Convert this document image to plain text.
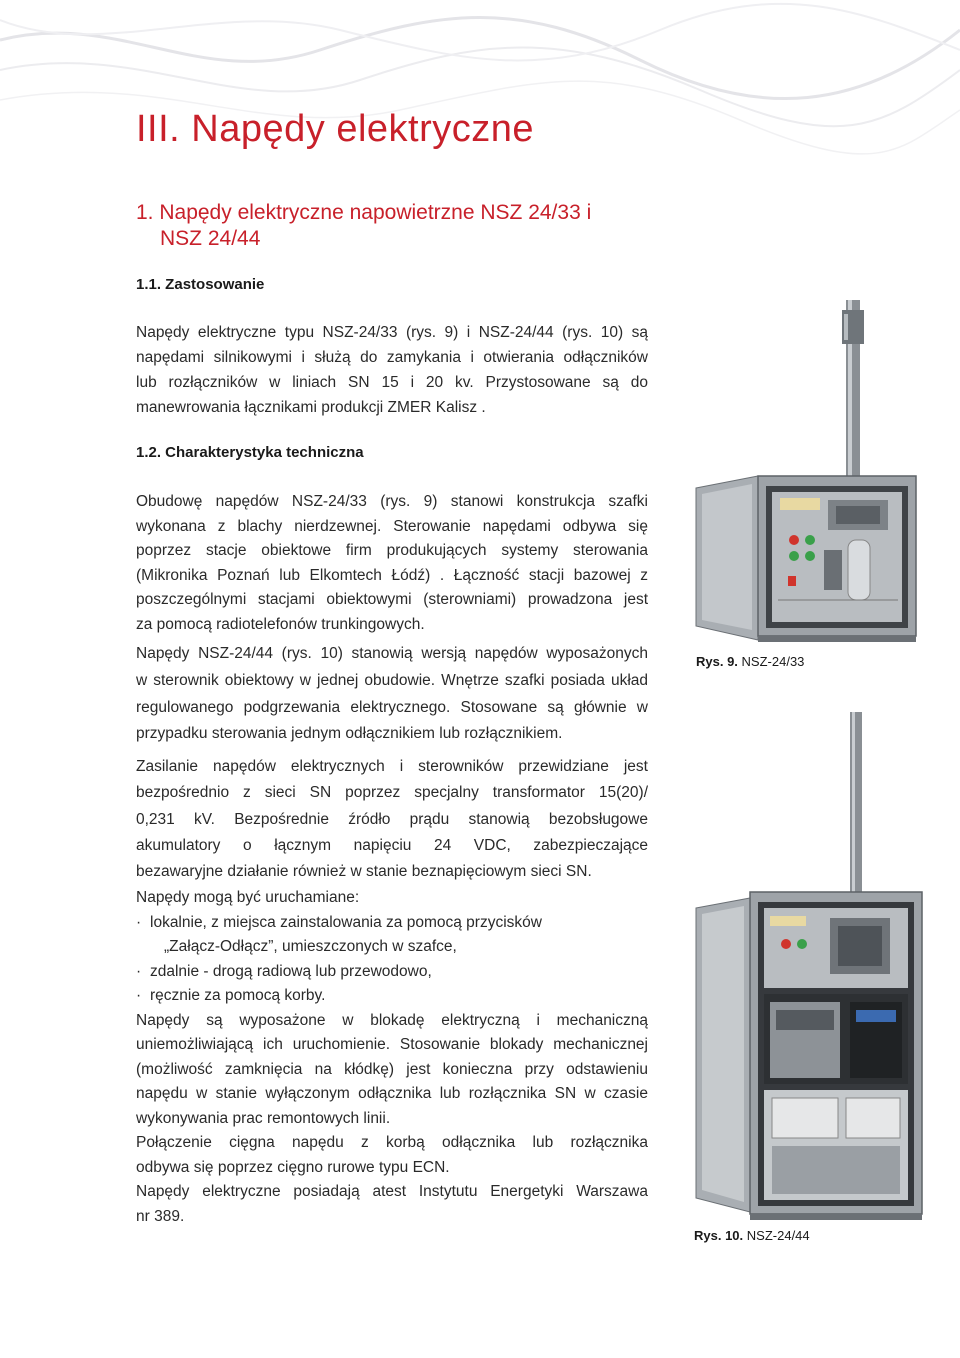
III. Napędy elektryczne
1. Napędy elektryczne napowietrzne NSZ 24/33 i
NSZ 24/44
1.1. Zastosowanie
Napędy elektryczne typu NSZ-24/33 (rys. 9) i NSZ-24/44 (rys. 10) są
napędami silnikowymi i służą do zamykania i otwierania odłączników
lub rozłączników w liniach SN 15 i 20 kv. Przystosowane są do
manewrowania łącznikami produkcji ZMER Kalisz .
1.2. Charakterystyka techniczna
Obudowę napędów NSZ-24/33 (rys. 9) stanowi konstrukcja szafki
wykonana z blachy nierdzewnej. Sterowanie napędami odbywa się
poprzez stacje obiektowe firm produkujących systemy sterowania
(Mikronika Poznań lub Elkomtech Łódź) . Łączność stacji bazowej z
poszczególnymi stacjami obiektowymi (sterowniami) prowadzona jest
za pomocą radiotelefonów trunkingowych.
Napędy NSZ-24/44 (rys. 10) stanowią wersją napędów wyposażonych
w sterownik obiektowy w jednej obudowie. Wnętrze szafki posiada układ
regulowanego podgrzewania elektrycznego. Stosowane są głównie w
przypadku sterowania jednym odłącznikiem lub rozłącznikiem.
Zasilanie napędów elektrycznych i sterowników przewidziane jest
bezpośrednio z sieci SN poprzez specjalny transformator 15(20)/
0,231 kV. Bezpośrednie źródło prądu stanowią bezobsługowe
akumulatory o łącznym napięciu 24 VDC, zabezpieczające
bezawaryjne działanie również w stanie beznapięciowym sieci SN.
Napędy mogą być uruchamiane:
· lokalnie, z miejsca zainstalowania za pomocą przycisków
„Załącz-Odłącz”, umieszczonych w szafce,
· zdalnie - drogą radiową lub przewodowo,
· ręcznie za pomocą korby.
Napędy są wyposażone w blokadę elektryczną i mechaniczną
uniemożliwiającą ich uruchomienie. Stosowanie blokady mechanicznej
(możliwość zamknięcia na kłódkę) jest konieczna przy odstawieniu
napędu w stanie wyłączonym odłącznika lub rozłącznika SN w czasie
wykonywania prac remontowych linii.
Połączenie cięgna napędu z korbą odłącznika lub rozłącznika
odbywa się poprzez cięgno rurowe typu ECN.
Napędy elektryczne posiadają atest Instytutu Energetyki Warszawa
nr 389.
Rys. 9. NSZ-24/33
Rys. 10. NSZ-24/44
